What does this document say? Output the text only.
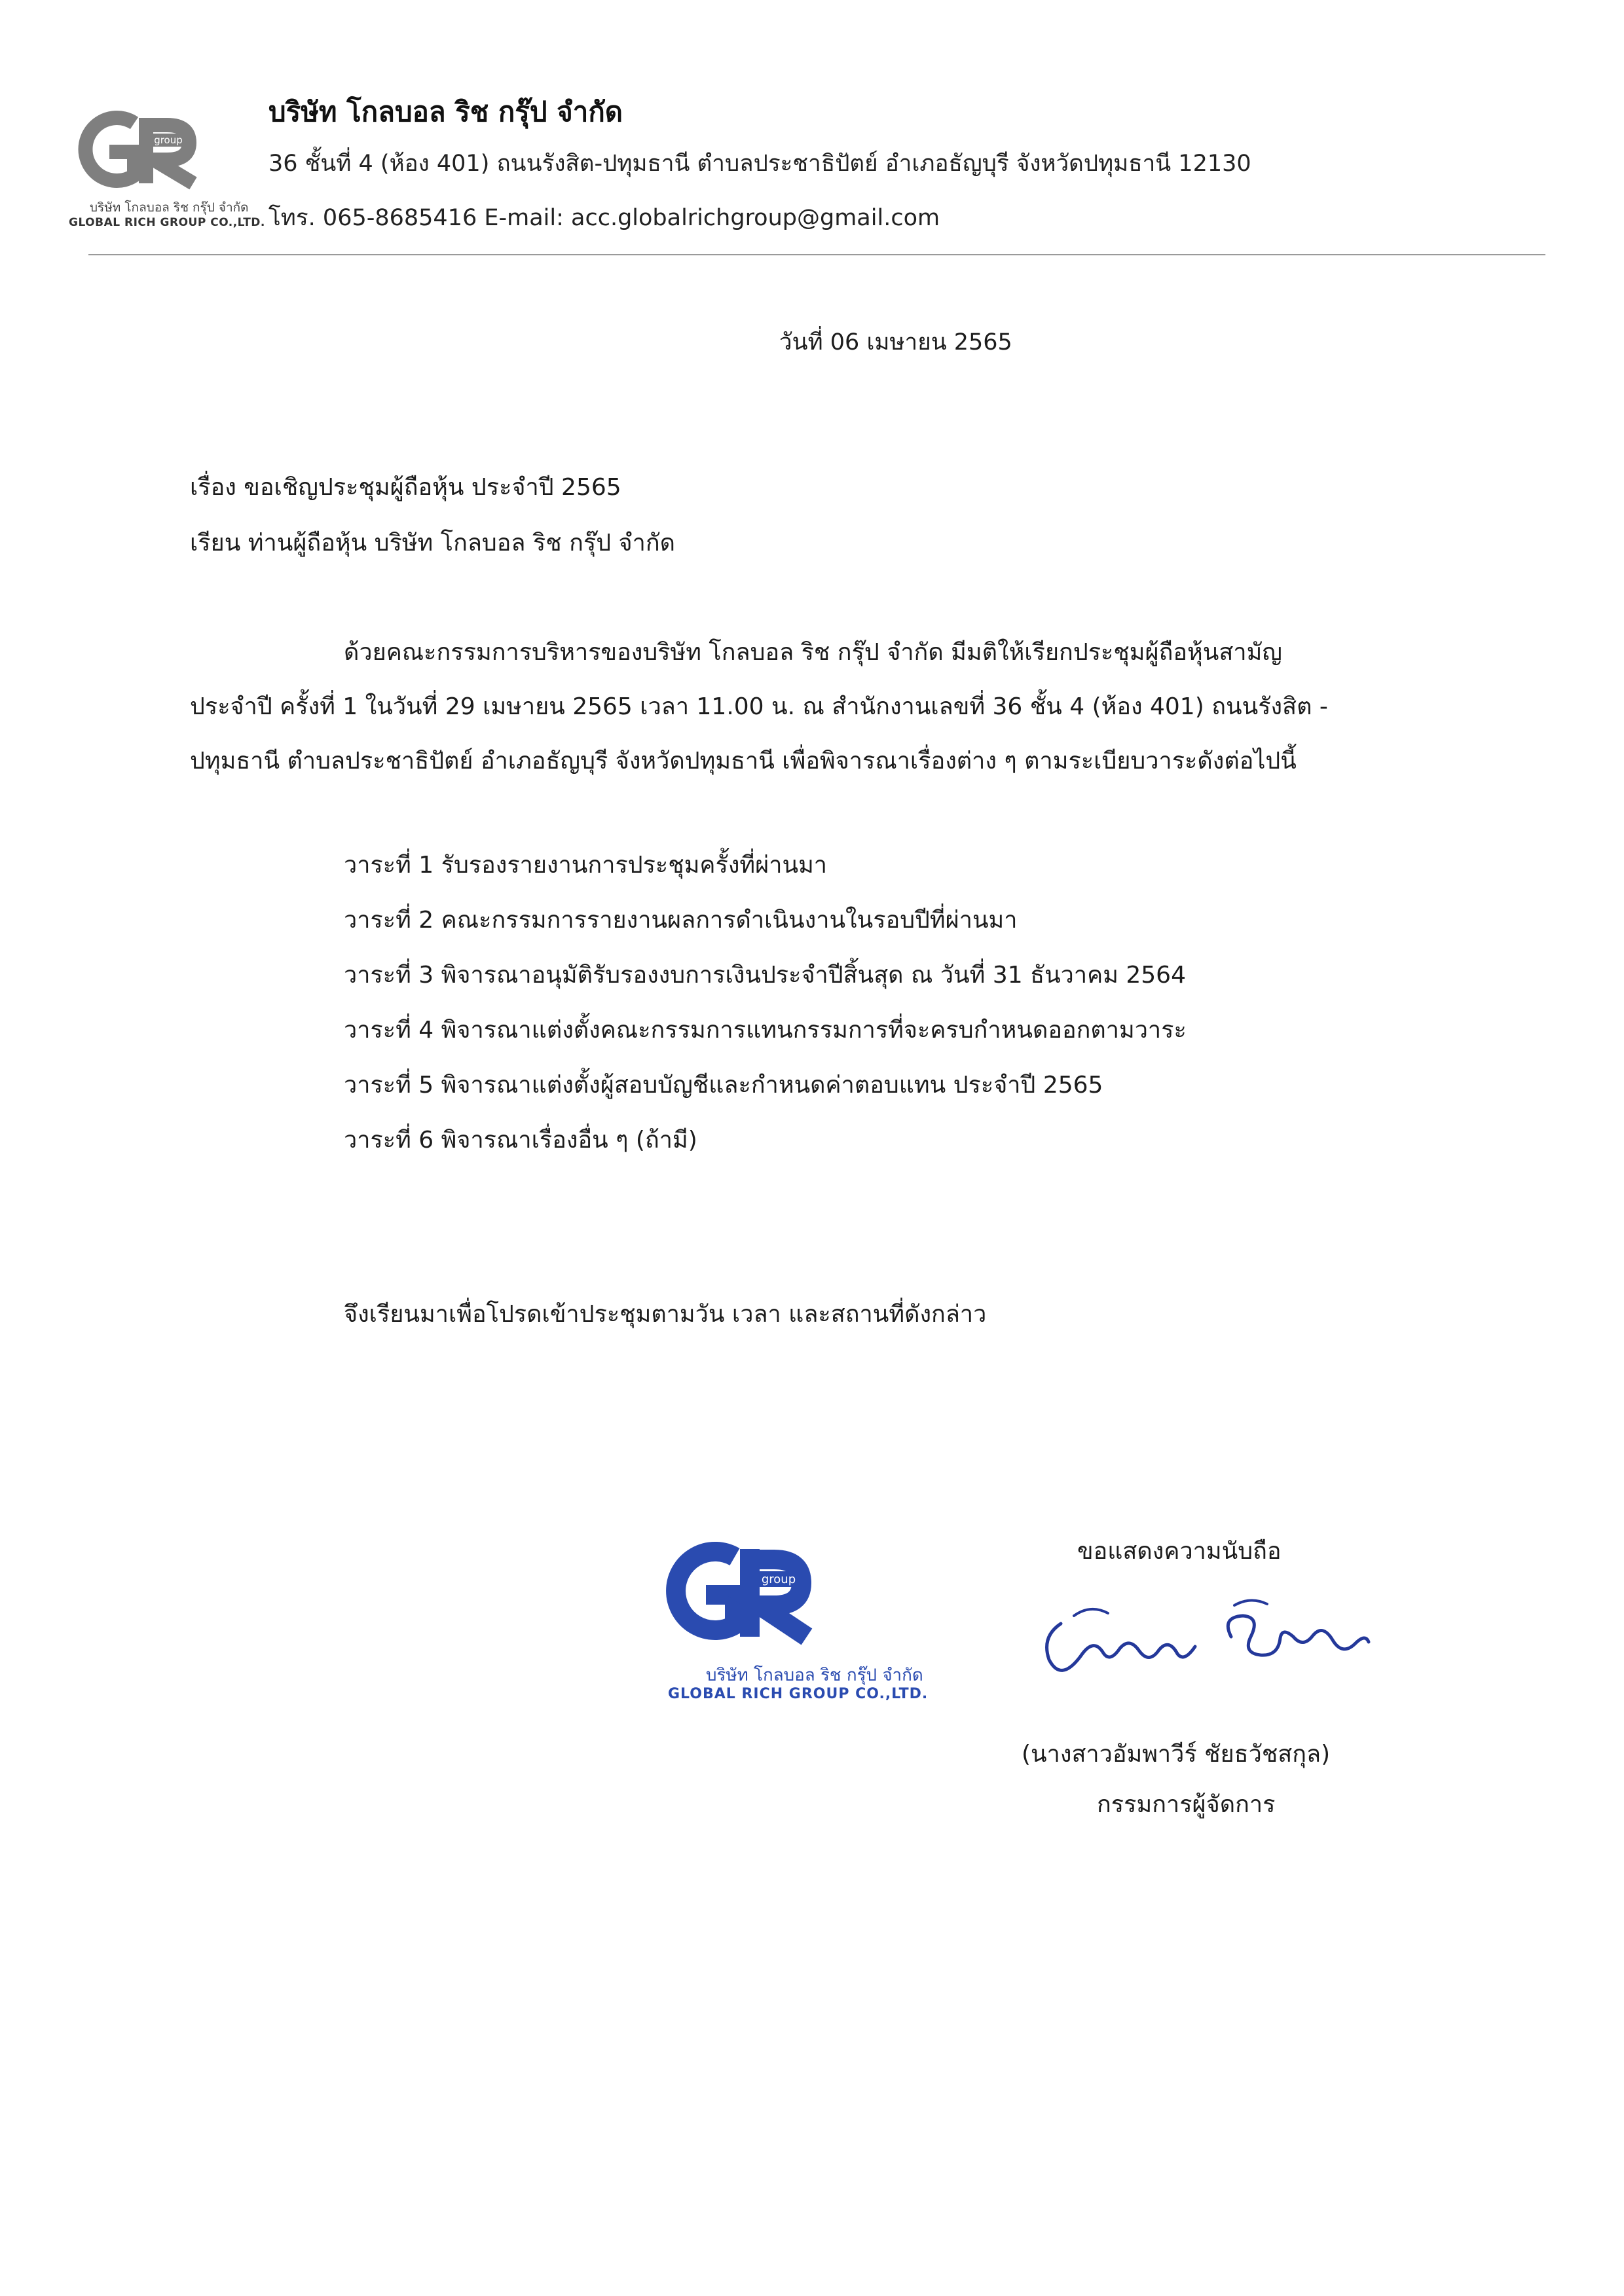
group
บริษัท โกลบอล ริช กรุ๊ป จำกัด
GLOBAL RICH GROUP CO.,LTD.
บริษัท โกลบอล ริช กรุ๊ป จำกัด
36 ชั้นที่ 4 (ห้อง 401) ถนนรังสิต-ปทุมธานี ตำบลประชาธิปัตย์ อำเภอธัญบุรี จังหวัดปทุมธานี 12130
โทร. 065-8685416 E-mail: acc.globalrichgroup@gmail.com
วันที่ 06 เมษายน 2565
เรื่อง ขอเชิญประชุมผู้ถือหุ้น ประจำปี 2565
เรียน ท่านผู้ถือหุ้น บริษัท โกลบอล ริช กรุ๊ป จำกัด
ด้วยคณะกรรมการบริหารของบริษัท โกลบอล ริช กรุ๊ป จำกัด มีมติให้เรียกประชุมผู้ถือหุ้นสามัญ
ประจำปี ครั้งที่ 1 ในวันที่ 29 เมษายน 2565 เวลา 11.00 น. ณ สำนักงานเลขที่ 36 ชั้น 4 (ห้อง 401) ถนนรังสิต -
ปทุมธานี ตำบลประชาธิปัตย์ อำเภอธัญบุรี จังหวัดปทุมธานี เพื่อพิจารณาเรื่องต่าง ๆ ตามระเบียบวาระดังต่อไปนี้
วาระที่ 1 รับรองรายงานการประชุมครั้งที่ผ่านมา
วาระที่ 2 คณะกรรมการรายงานผลการดำเนินงานในรอบปีที่ผ่านมา
วาระที่ 3 พิจารณาอนุมัติรับรองงบการเงินประจำปีสิ้นสุด ณ วันที่ 31 ธันวาคม 2564
วาระที่ 4 พิจารณาแต่งตั้งคณะกรรมการแทนกรรมการที่จะครบกำหนดออกตามวาระ
วาระที่ 5 พิจารณาแต่งตั้งผู้สอบบัญชีและกำหนดค่าตอบแทน ประจำปี 2565
วาระที่ 6 พิจารณาเรื่องอื่น ๆ (ถ้ามี)
จึงเรียนมาเพื่อโปรดเข้าประชุมตามวัน เวลา และสถานที่ดังกล่าว
group
บริษัท โกลบอล ริช กรุ๊ป จำกัด
GLOBAL RICH GROUP CO.,LTD.
ขอแสดงความนับถือ
(นางสาวอัมพาวีร์ ชัยธวัชสกุล)
กรรมการผู้จัดการ
